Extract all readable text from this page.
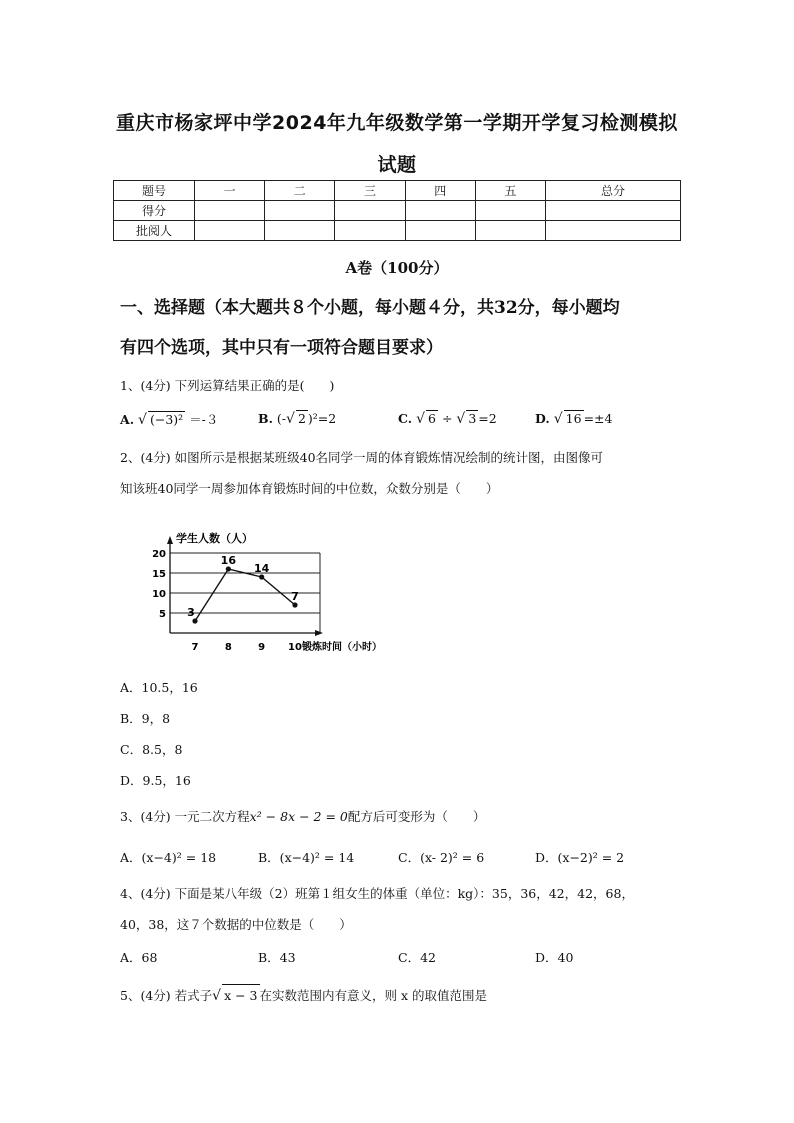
重庆市杨家坪中学2024年九年级数学第一学期开学复习检测模拟
试题
题号	一	二	三	四	五	总分
得分						
批阅人						
A卷（100分）
一、选择题（本大题共８个小题，每小题４分，共32分，每小题均
有四个选项，其中只有一项符合题目要求）
1、(4分) 下列运算结果正确的是(　　)
A. √ (−3)² ＝-３	B. (-√ 2 )²=2	C. √ 6 ÷ √ 3 =2	D. √ 16 =±4
2、(4分) 如图所示是根据某班级40名同学一周的体育锻炼情况绘制的统计图，由图像可
知该班40同学一周参加体育锻炼时间的中位数，众数分别是（　　）
学生人数（人）
锻炼时间（小时）
5
10
15
20
7	8	9 10
3
16
14
7
A．10.5，16
B．9，8
C．8.5，8
D．9.5，16
3、(4分) 一元二次方程x² − 8x − 2 = 0配方后可变形为（　　）
A．(x−4)² = 18	B．(x−4)² = 14	C．(x- 2)² = 6	D．(x−2)² = 2
4、(4分) 下面是某八年级（2）班第１组女生的体重（单位：kg）：35，36，42，42，68，
40，38，这７个数据的中位数是（　　）
A．68	B．43	C．42	D．40
5、(4分) 若式子√ x − 3 在实数范围内有意义，则 x 的取值范围是
